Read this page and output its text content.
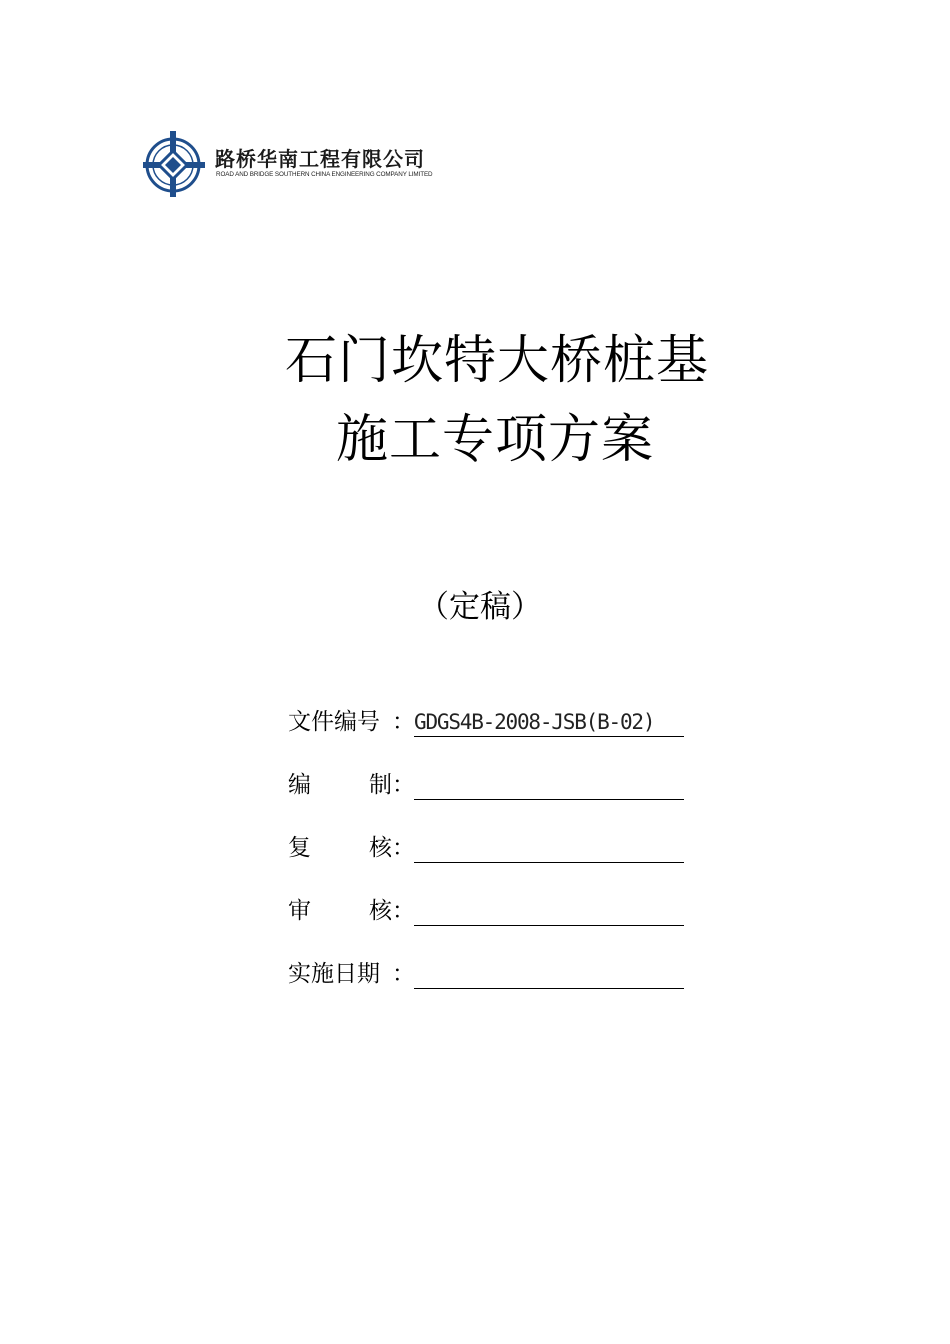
路桥华南工程有限公司
ROAD AND BRIDGE SOUTHERN CHINA ENGINEERING COMPANY LIMITED
石门坎特大桥桩基
施工专项方案
（定稿）
文件编号 ： GDGS4B-2008-JSB(B-02)
编	制 ：
复	核 ：
审	核 ：
实施日期 ：
